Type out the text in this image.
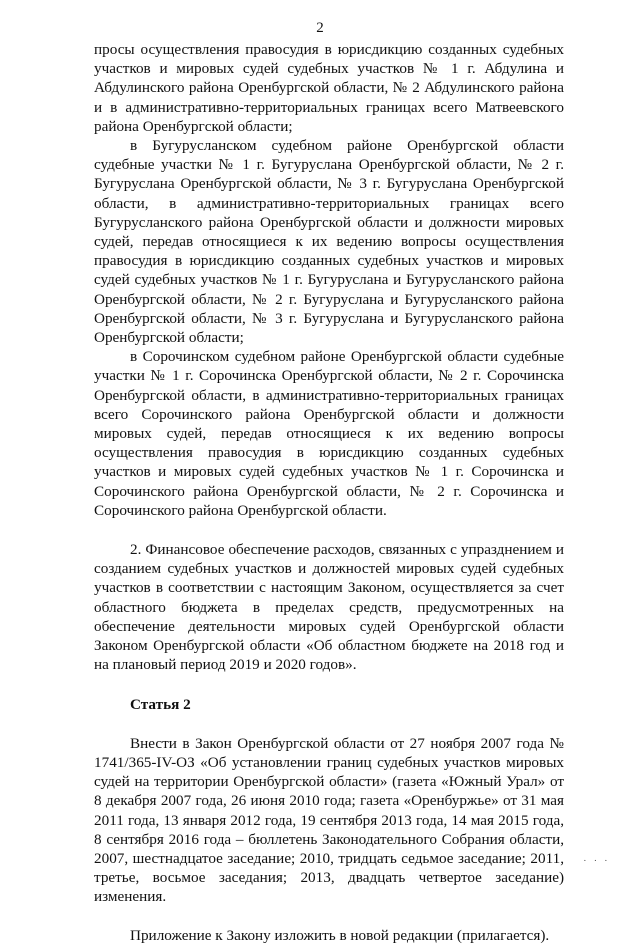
2

просы осуществления правосудия в юрисдикцию созданных судебных участков и мировых судей судебных участков № 1 г. Абдулина и Абдулинского района Оренбургской области, № 2 Абдулинского района и в административно-территориальных границах всего Матвеевского района Оренбургской области;

в Бугурусланском судебном районе Оренбургской области судебные участки № 1 г. Бугуруслана Оренбургской области, № 2 г. Бугуруслана Оренбургской области, № 3 г. Бугуруслана Оренбургской области, в административно-территориальных границах всего Бугурусланского района Оренбургской области и должности мировых судей, передав относящиеся к их ведению вопросы осуществления правосудия в юрисдикцию созданных судебных участков и мировых судей судебных участков № 1 г. Бугуруслана и Бугурусланского района Оренбургской области, № 2 г. Бугуруслана и Бугурусланского района Оренбургской области, № 3 г. Бугуруслана и Бугурусланского района Оренбургской области;

в Сорочинском судебном районе Оренбургской области судебные участки № 1 г. Сорочинска Оренбургской области, № 2 г. Сорочинска Оренбургской области, в административно-территориальных границах всего Сорочинского района Оренбургской области и должности мировых судей, передав относящиеся к их ведению вопросы осуществления правосудия в юрисдикцию созданных судебных участков и мировых судей судебных участков № 1 г. Сорочинска и Сорочинского района Оренбургской области, № 2 г. Сорочинска и Сорочинского района Оренбургской области.

2. Финансовое обеспечение расходов, связанных с упразднением и созданием судебных участков и должностей мировых судей судебных участков в соответствии с настоящим Законом, осуществляется за счет областного бюджета в пределах средств, предусмотренных на обеспечение деятельности мировых судей Оренбургской области Законом Оренбургской области «Об областном бюджете на 2018 год и на плановый период 2019 и 2020 годов».

Статья 2

Внести в Закон Оренбургской области от 27 ноября 2007 года № 1741/365-IV-ОЗ «Об установлении границ судебных участков мировых судей на территории Оренбургской области» (газета «Южный Урал» от 8 декабря 2007 года, 26 июня 2010 года; газета «Оренбуржье» от 31 мая 2011 года, 13 января 2012 года, 19 сентября 2013 года, 14 мая 2015 года, 8 сентября 2016 года – бюллетень Законодательного Собрания области, 2007, шестнадцатое заседание; 2010, тридцать седьмое заседание; 2011, третье, восьмое заседания; 2013, двадцать четвертое заседание) изменения.

Приложение к Закону изложить в новой редакции (прилагается).

. . .
